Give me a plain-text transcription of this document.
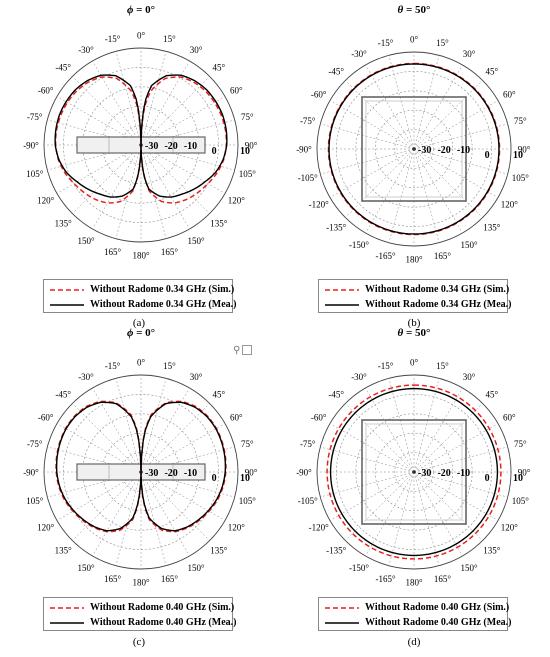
0° 15°
30°
45°
60°
75°
90°
105°
120°
135°
150°
165°
180°
165°
150°
135°
120°
105°
-90°
-75°
-60°
-45°
-30°
-15°
-30 -20 -10 0 10
ϕ = 0°
0° 15°
30°
45°
60°
75°
90°
105°
120°
135°
150°
165°
180°
-165°
-150°
-135°
-120°
-105°
-90°
-75°
-60°
-45°
-30°
-15°
-30 -20 -10 0 10
θ = 50°
0° 15°
30°
45°
60°
75°
90°
105°
120°
135°
150°
165°
180°
165°
150°
135°
120°
105°
-90°
-75°
-60°
-45°
-30°
-15°
-30 -20 -10 0 10
ϕ = 0°
0° 15°
30°
45°
60°
75°
90°
105°
120°
135°
150°
165°
180°
-165°
-150°
-135°
-120°
-105°
-90°
-75°
-60°
-45°
-30°
-15°
-30 -20 -10 0 10
θ = 50°
Without Radome 0.34 GHz (Sim.)
Without Radome 0.34 GHz (Mea.)
Without Radome 0.34 GHz (Sim.)
Without Radome 0.34 GHz (Mea.)
Without Radome 0.40 GHz (Sim.)
Without Radome 0.40 GHz (Mea.)
Without Radome 0.40 GHz (Sim.)
Without Radome 0.40 GHz (Mea.)
(a)	(b)
(c)	(d)
⚲
